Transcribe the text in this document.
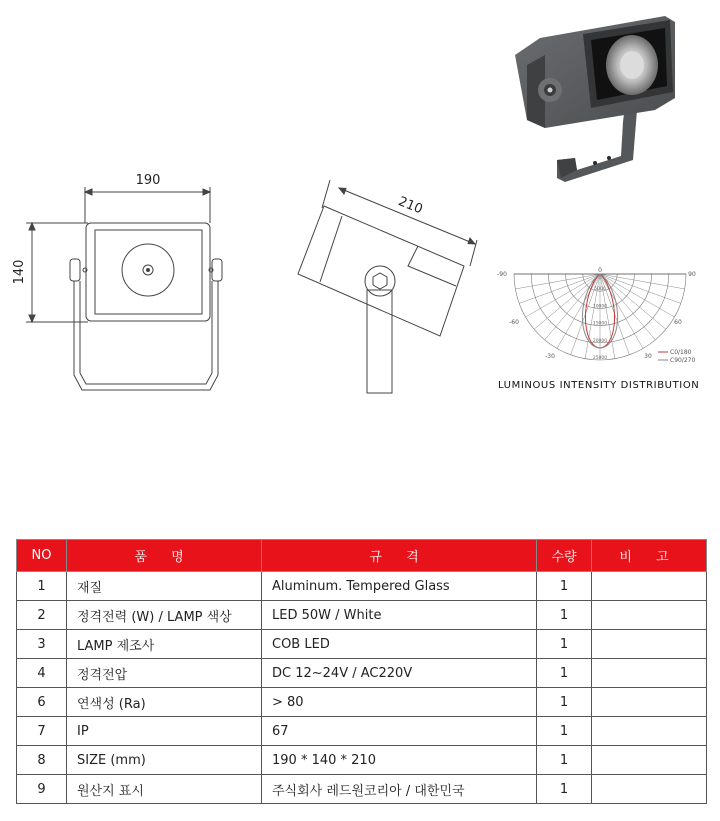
190
140
210
-90	90
-60	60
-30	30
0
5000
10000
15000
20000
25000
C0/180
C90/270
LUMINOUS INTENSITY DISTRIBUTION
NO	품 명	규 격	수량	비 고
1	재질	Aluminum. Tempered Glass	1	
2	정격전력 (W) / LAMP 색상	LED 50W / White	1	
3	LAMP 제조사	COB LED	1	
4	정격전압	DC 12~24V / AC220V	1	
6	연색성 (Ra)	> 80	1	
7	IP	67	1	
8	SIZE (mm)	190 * 140 * 210	1	
9	원산지 표시	주식회사 레드원코리아 / 대한민국	1	
